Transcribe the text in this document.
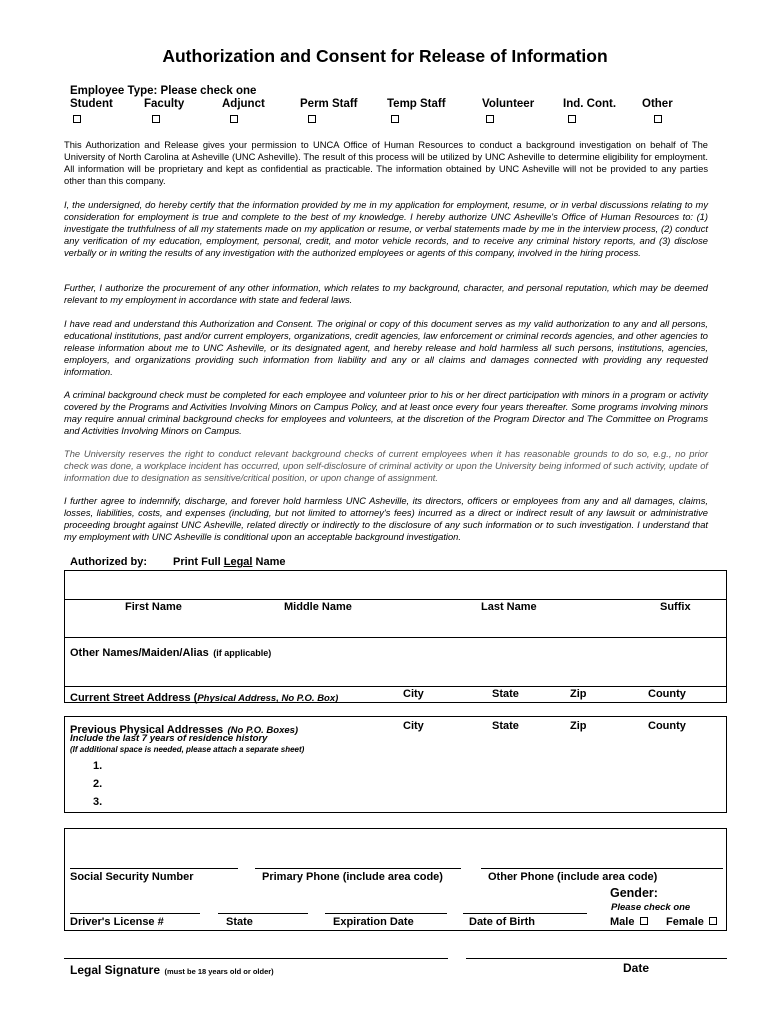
Authorization and Consent for Release of Information
Employee Type: Please check one
Student	Faculty	Adjunct	Perm Staff	Temp Staff	Volunteer	Ind. Cont. Other
This Authorization and Release gives your permission to UNCA Office of Human Resources to conduct a background investigation on behalf of The University of North Carolina at Asheville (UNC Asheville). The result of this process will be utilized by UNC Asheville to determine eligibility for employment. All information will be proprietary and kept as confidential as practicable. The information obtained by UNC Asheville will not be provided to any parties other than this company.
I, the undersigned, do hereby certify that the information provided by me in my application for employment, resume, or in verbal discussions relating to my consideration for employment is true and complete to the best of my knowledge. I hereby authorize UNC Asheville's Office of Human Resources to: (1) investigate the truthfulness of all my statements made on my application or resume, or verbal statements made by me in the interview process, (2) conduct any verification of my education, employment, personal, credit, and motor vehicle records, and to receive any criminal history reports, and (3) disclose verbally or in writing the results of any investigation with the authorized employees or agents of this company, involved in the hiring process.
Further, I authorize the procurement of any other information, which relates to my background, character, and personal reputation, which may be deemed relevant to my employment in accordance with state and federal laws.
I have read and understand this Authorization and Consent. The original or copy of this document serves as my valid authorization to any and all persons, educational institutions, past and/or current employers, organizations, credit agencies, law enforcement or criminal records agencies, and other agencies to release information about me to UNC Asheville, or its designated agent, and hereby release and hold harmless all such persons, institutions, agencies, employers, and organizations providing such information from liability and any or all claims and damages connected with providing any requested information.
A criminal background check must be completed for each employee and volunteer prior to his or her direct participation with minors in a program or activity covered by the Programs and Activities Involving Minors on Campus Policy, and at least once every four years thereafter. Some programs involving minors may require annual criminal background checks for employees and volunteers, at the discretion of the Program Director and The Committee on Programs and Activities Involving Minors on Campus.
The University reserves the right to conduct relevant background checks of current employees when it has reasonable grounds to do so, e.g., no prior check was done, a workplace incident has occurred, upon self-disclosure of criminal activity or upon the University being informed of such activity, update of information due to designation as sensitive/critical position, or upon change of assignment.
I further agree to indemnify, discharge, and forever hold harmless UNC Asheville, its directors, officers or employees from any and all damages, claims, losses, liabilities, costs, and expenses (including, but not limited to attorney's fees) incurred as a direct or indirect result of any lawsuit or administrative proceeding brought against UNC Asheville, related directly or indirectly to the disclosure of any such information or to such investigation. I understand that my employment with UNC Asheville is conditional upon an acceptable background investigation.
Authorized by: Print Full Legal Name
First Name	Middle Name	Last Name	Suffix
Other Names/Maiden/Alias (if applicable)
Current Street Address (Physical Address, No P.O. Box)	City	State	Zip	County
Previous Physical Addresses (No P.O. Boxes)
Include the last 7 years of residence history
(If additional space is needed, please attach a separate sheet)
City	State	Zip	County
1.
2.
3.
Social Security Number	Primary Phone (include area code)	Other Phone (include area code)
Gender:
Please check one
Driver's License #	State	Expiration Date	Date of Birth	Male	Female
Legal Signature (must be 18 years old or older)	Date
